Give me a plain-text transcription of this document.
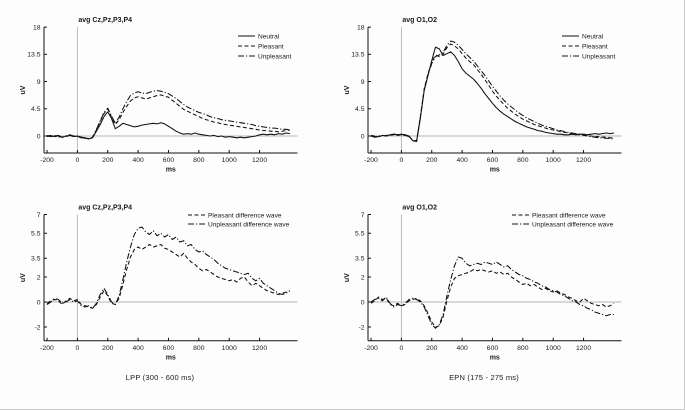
0
4.5
9
13.5
18
-200	0	200	400	600	800	1000 1200
ms
uV
avg Cz,Pz,P3,P4
Neutral
Pleasant
Unpleasant
0
4.5
9
13.5
18
-200	0	200	400	600	800	1000 1200
ms
uV
avg O1,O2
Neutral
Pleasant
Unpleasant
-2
0
2
3.5
5.5
7
-200	0	200	400	600	800	1000 1200
ms
uV
avg Cz,Pz,P3,P4
Pleasant difference wave
Unpleasant difference wave
-2
0
2
3.5
5.5
7
-200	0	200	400	600	800	1000 1200
ms
uV
avg O1,O2
Pleasant difference wave
Unpleasant difference wave
LPP (300 - 600 ms)	EPN (175 - 275 ms)
